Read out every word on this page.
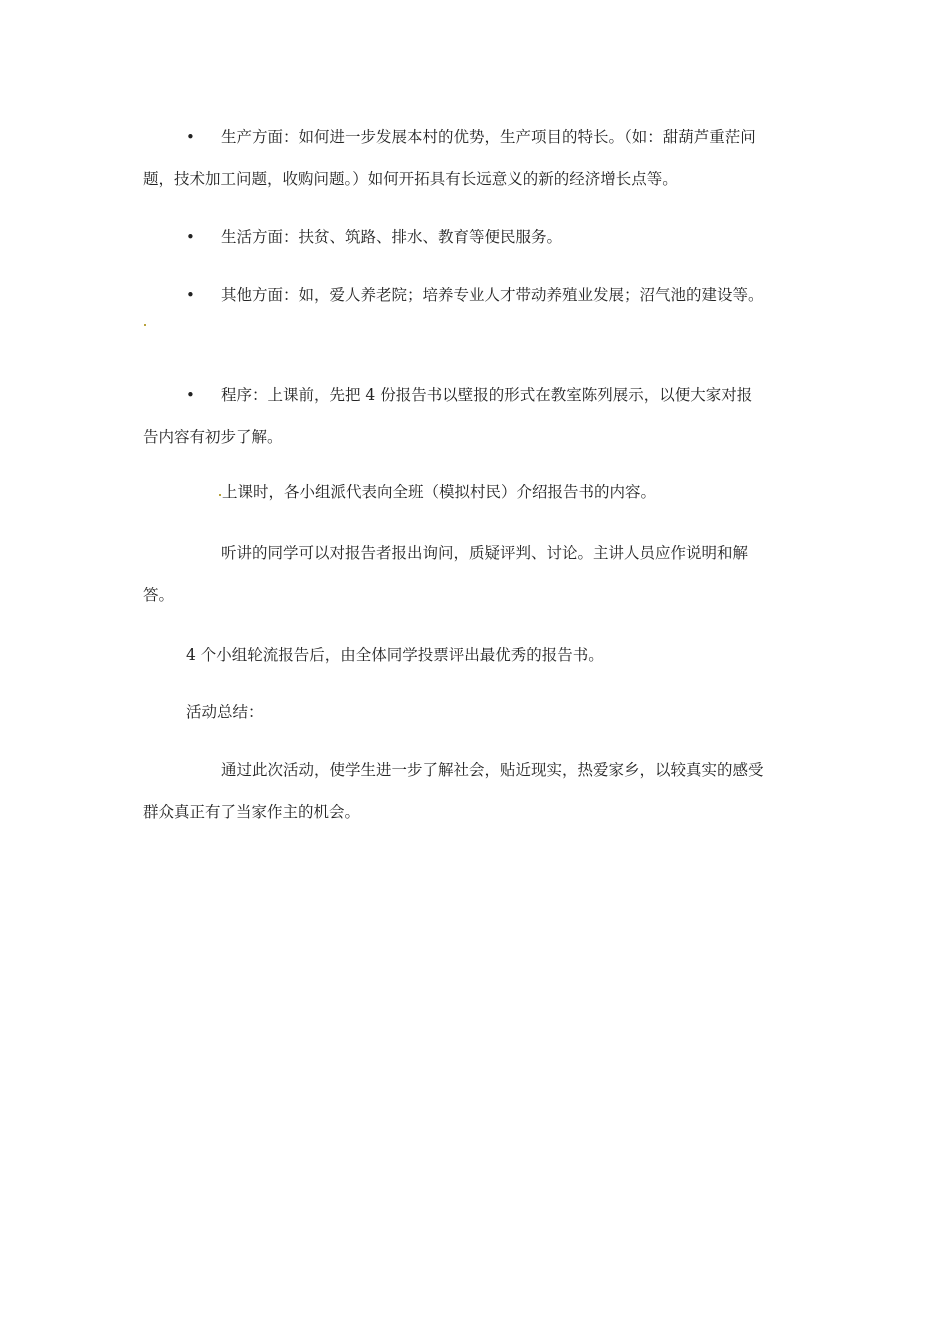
• 生产方面：如何进一步发展本村的优势，生产项目的特长。（如：甜葫芦重茫问
题，技术加工问题，收购问题。）如何开拓具有长远意义的新的经济增长点等。
• 生活方面：扶贫、筑路、排水、教育等便民服务。
• 其他方面：如，爱人养老院；培养专业人才带动养殖业发展；沼气池的建设等。
• 程序：上课前，先把 4 份报告书以壁报的形式在教室陈列展示，以便大家对报
告内容有初步了解。
上课时，各小组派代表向全班（模拟村民）介绍报告书的内容。
听讲的同学可以对报告者报出询问，质疑评判、讨论。主讲人员应作说明和解
答。
4 个小组轮流报告后，由全体同学投票评出最优秀的报告书。
活动总结：
通过此次活动，使学生进一步了解社会，贴近现实，热爱家乡，以较真实的感受
群众真正有了当家作主的机会。
